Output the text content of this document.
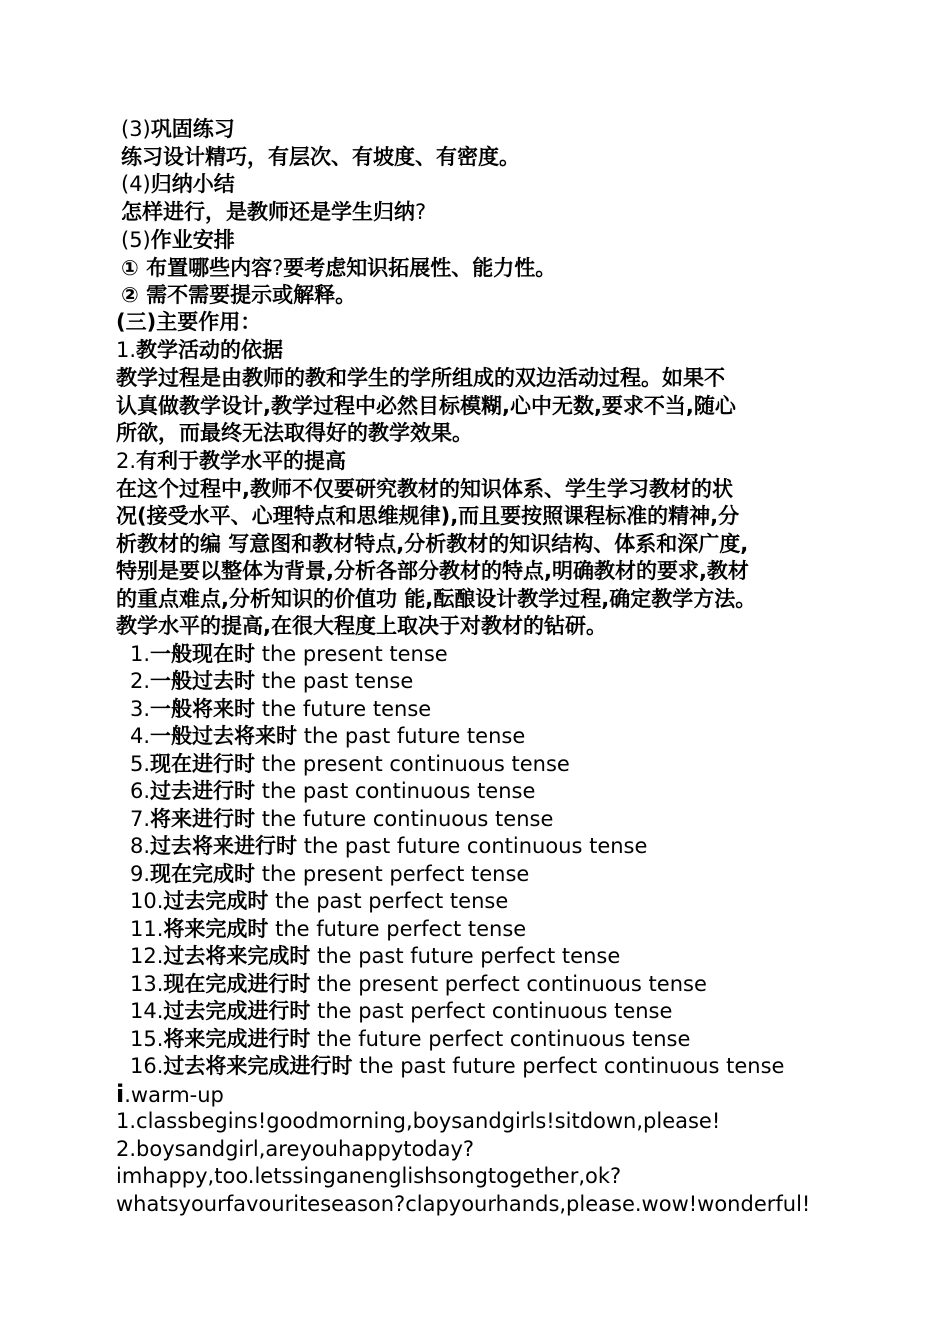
(3)巩固练习
练习设计精巧，有层次、有坡度、有密度。
(4)归纳小结
怎样进行，是教师还是学生归纳?
(5)作业安排
① 布置哪些内容?要考虑知识拓展性、能力性。
② 需不需要提示或解释。
(三)主要作用：
1.教学活动的依据
教学过程是由教师的教和学生的学所组成的双边活动过程。如果不
认真做教学设计,教学过程中必然目标模糊,心中无数,要求不当,随心
所欲，而最终无法取得好的教学效果。
2.有利于教学水平的提高
在这个过程中,教师不仅要研究教材的知识体系、学生学习教材的状
况(接受水平、心理特点和思维规律),而且要按照课程标准的精神,分
析教材的编 写意图和教材特点,分析教材的知识结构、体系和深广度,
特别是要以整体为背景,分析各部分教材的特点,明确教材的要求,教材
的重点难点,分析知识的价值功 能,酝酿设计教学过程,确定教学方法。
教学水平的提高,在很大程度上取决于对教材的钻研。
1.一般现在时 the present tense
2.一般过去时 the past tense
3.一般将来时 the future tense
4.一般过去将来时 the past future tense
5.现在进行时 the present continuous tense
6.过去进行时 the past continuous tense
7.将来进行时 the future continuous tense
8.过去将来进行时 the past future continuous tense
9.现在完成时 the present perfect tense
10.过去完成时 the past perfect tense
11.将来完成时 the future perfect tense
12.过去将来完成时 the past future perfect tense
13.现在完成进行时 the present perfect continuous tense
14.过去完成进行时 the past perfect continuous tense
15.将来完成进行时 the future perfect continuous tense
16.过去将来完成进行时 the past future perfect continuous tense
i.warm-up
1.classbegins!goodmorning,boysandgirls!sitdown,please!
2.boysandgirl,areyouhappytoday?
imhappy,too.letssinganenglishsongtogether,ok?
whatsyourfavouriteseason?clapyourhands,please.wow!wonderful!
